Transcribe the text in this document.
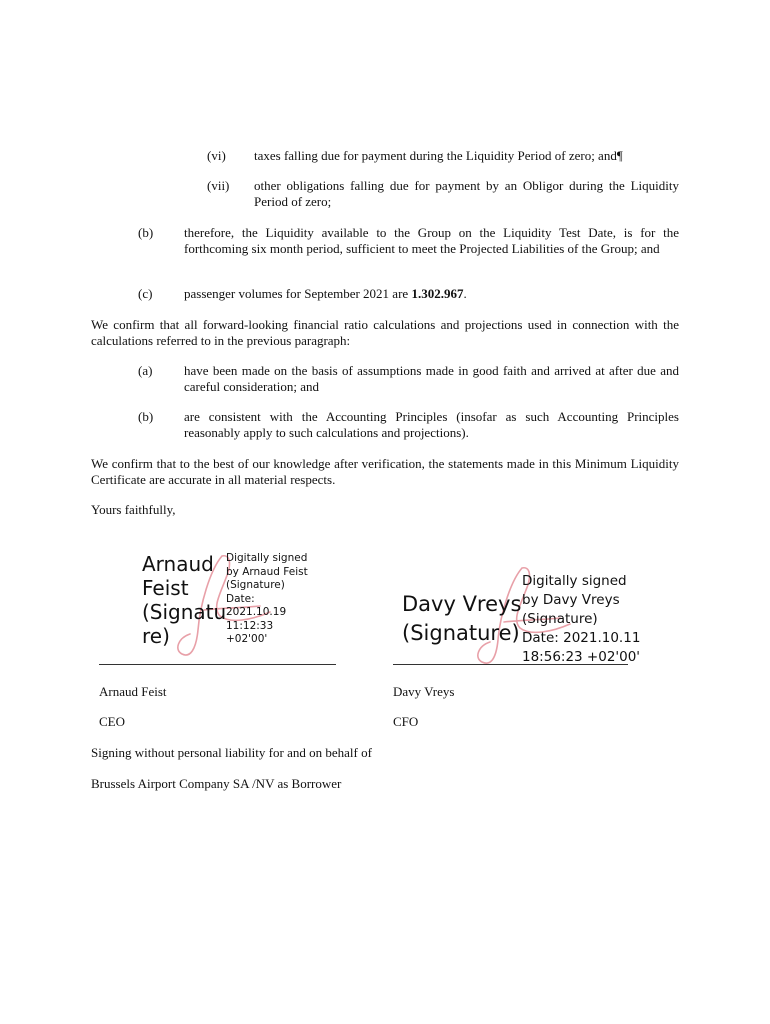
(vi) taxes falling due for payment during the Liquidity Period of zero; and¶
(vii) other obligations falling due for payment by an Obligor during the Liquidity Period of zero;
(b) therefore, the Liquidity available to the Group on the Liquidity Test Date, is for the forthcoming six month period, sufficient to meet the Projected Liabilities of the Group; and
(c) passenger volumes for September 2021 are 1.302.967.
We confirm that all forward-looking financial ratio calculations and projections used in connection with the calculations referred to in the previous paragraph:
(a) have been made on the basis of assumptions made in good faith and arrived at after due and careful consideration; and
(b) are consistent with the Accounting Principles (insofar as such Accounting Principles reasonably apply to such calculations and projections).
We confirm that to the best of our knowledge after verification, the statements made in this Minimum Liquidity Certificate are accurate in all material respects.
Yours faithfully,
Arnaud
Feist
(Signatu
re)
Digitally signed
by Arnaud Feist
(Signature)
Date:
2021.10.19
11:12:33
+02'00'
Davy Vreys
(Signature)
Digitally signed
by Davy Vreys
(Signature)
Date: 2021.10.11
18:56:23 +02'00'
Arnaud Feist	Davy Vreys
CEO	CFO
Signing without personal liability for and on behalf of
Brussels Airport Company SA /NV as Borrower
